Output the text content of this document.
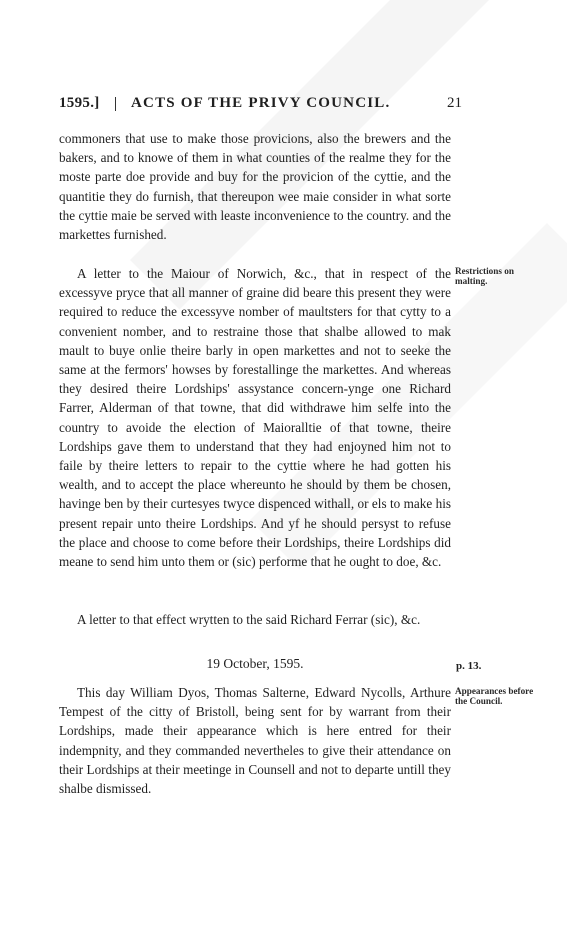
1595.] ACTS OF THE PRIVY COUNCIL.	21

commoners that use to make those provicions, also the brewers and the bakers, and to knowe of them in what counties of the realme they for the moste parte doe provide and buy for the provicion of the cyttie, and the quantitie they do furnish, that thereupon wee maie consider in what sorte the cyttie maie be served with leaste inconvenience to the country. and the markettes furnished.

A letter to the Maiour of Norwich, &c., that in respect of the excessyve pryce that all manner of graine did beare this present they were required to reduce the excessyve nomber of maultsters for that cytty to a convenient nomber, and to restraine those that shalbe allowed to mak mault to buye onlie theire barly in open markettes and not to seeke the same at the fermors' howses by forestallinge the markettes. And whereas they desired theire Lordships' assystance concern-ynge one Richard Farrer, Alderman of that towne, that did withdrawe him selfe into the country to avoide the election of Maioralltie of that towne, theire Lordships gave them to understand that they had enjoyned him not to faile by theire letters to repair to the cyttie where he had gotten his wealth, and to accept the place whereunto he should by them be chosen, havinge ben by their curtesyes twyce dispenced withall, or els to make his present repair unto theire Lordships. And yf he should persyst to refuse the place and choose to come before their Lordships, theire Lordships did meane to send him unto them or (sic) performe that he ought to doe, &c.

Restrictions on malting.

A letter to that effect wrytten to the said Richard Ferrar (sic), &c.

19 October, 1595.	p. 13.

This day William Dyos, Thomas Salterne, Edward Nycolls, Arthure Tempest of the citty of Bristoll, being sent for by warrant from their Lordships, made their appearance which is here entred for their indempnity, and they commanded nevertheles to give their attendance on their Lordships at their meetinge in Counsell and not to departe untill they shalbe dismissed.

Appearances before the Council.
